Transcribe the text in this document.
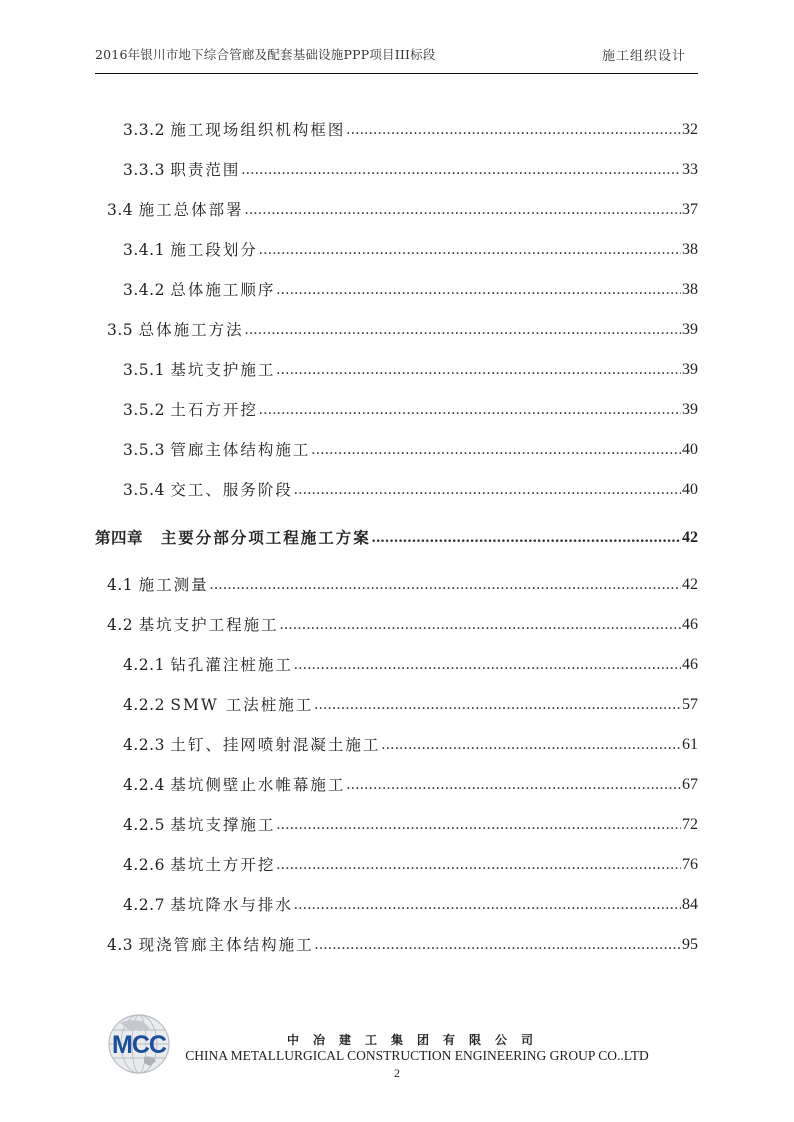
2016年银川市地下综合管廊及配套基础设施PPP项目III标段	施工组织设计
3.3.2 施工现场组织机构框图 .....	32
3.3.3 职责范围 .....	33
3.4 施工总体部署 .....	37
3.4.1 施工段划分 .....	38
3.4.2 总体施工顺序 .....	38
3.5 总体施工方法 .....	39
3.5.1 基坑支护施工 .....	39
3.5.2 土石方开挖 .....	39
3.5.3 管廊主体结构施工 .....	40
3.5.4 交工、服务阶段 .....	40
第四章 主要分部分项工程施工方案 .....	42
4.1 施工测量 .....	42
4.2 基坑支护工程施工 .....	46
4.2.1 钻孔灌注桩施工 .....	46
4.2.2 SMW 工法桩施工 .....	57
4.2.3 土钉、挂网喷射混凝土施工 .....	61
4.2.4 基坑侧壁止水帷幕施工 .....	67
4.2.5 基坑支撑施工 .....	72
4.2.6 基坑土方开挖 .....	76
4.2.7 基坑降水与排水 .....	84
4.3 现浇管廊主体结构施工 .....	95
MCC	中冶建工集团有限公司
CHINA METALLURGICAL CONSTRUCTION ENGINEERING GROUP CO..LTD
2
